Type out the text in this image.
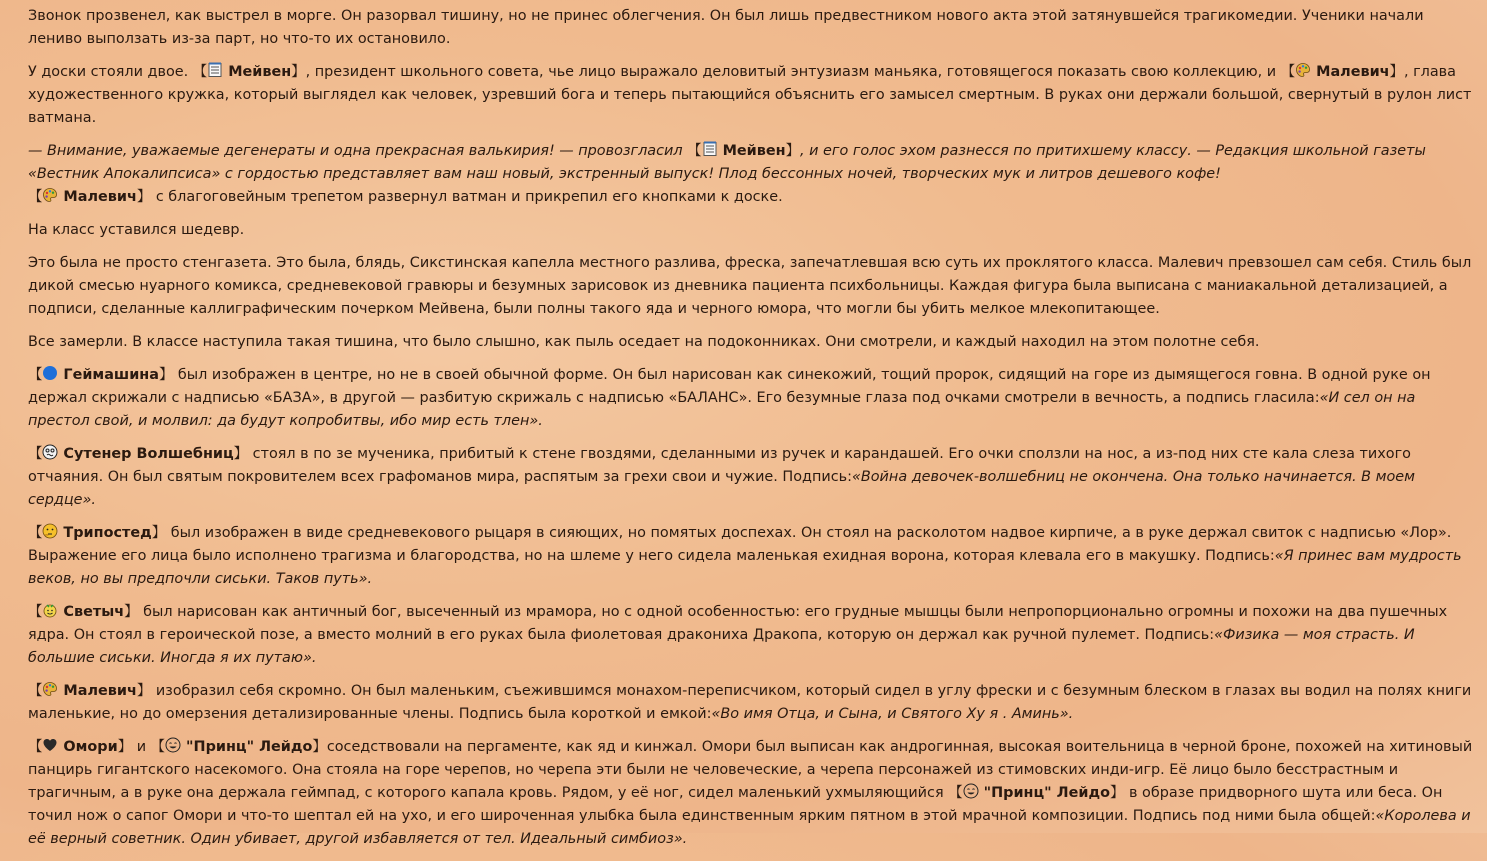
Звонок прозвенел, как выстрел в морге. Он разорвал тишину, но не принес облегчения. Он был лишь предвестником нового акта этой затянувшейся трагикомедии. Ученики начали лениво выползать из-за парт, но что-то их остановило.

У доски стояли двое. 【 Мейвен】, президент школьного совета, чье лицо выражало деловитый энтузиазм маньяка, готовящегося показать свою коллекцию, и 【 Малевич】, глава художественного кружка, который выглядел как человек, узревший бога и теперь пытающийся объяснить его замысел смертным. В руках они держали большой, свернутый в рулон лист ватмана.

— Внимание, уважаемые дегенераты и одна прекрасная валькирия! — провозгласил 【 Мейвен】, и его голос эхом разнесся по притихшему классу. — Редакция школьной газеты «Вестник Апокалипсиса» с гордостью представляет вам наш новый, экстренный выпуск! Плод бессонных ночей, творческих мук и литров дешевого кофе!

【 Малевич】 с благоговейным трепетом развернул ватман и прикрепил его кнопками к доске.

На класс уставился шедевр.

Это была не просто стенгазета. Это была, блядь, Сикстинская капелла местного разлива, фреска, запечатлевшая всю суть их проклятого класса. Малевич превзошел сам себя. Стиль был дикой смесью нуарного комикса, средневековой гравюры и безумных зарисовок из дневника пациента психбольницы. Каждая фигура была выписана с маниакальной детализацией, а подписи, сделанные каллиграфическим почерком Мейвена, были полны такого яда и черного юмора, что могли бы убить мелкое млекопитающее.

Все замерли. В классе наступила такая тишина, что было слышно, как пыль оседает на подоконниках. Они смотрели, и каждый находил на этом полотне себя.

【 Геймашина】 был изображен в центре, но не в своей обычной форме. Он был нарисован как синекожий, тощий пророк, сидящий на горе из дымящегося говна. В одной руке он держал скрижали с надписью «БАЗА», в другой — разбитую скрижаль с надписью «БАЛАНС». Его безумные глаза под очками смотрели в вечность, а подпись гласила:«И сел он на престол свой, и молвил: да будут копробитвы, ибо мир есть тлен».

【 Сутенер Волшебниц】 стоял в по зе мученика, прибитый к стене гвоздями, сделанными из ручек и карандашей. Его очки сползли на нос, а из-под них сте кала слеза тихого отчаяния. Он был святым покровителем всех графоманов мира, распятым за грехи свои и чужие. Подпись:«Война девочек-волшебниц не окончена. Она только начинается. В моем сердце».

【 Трипостед】 был изображен в виде средневекового рыцаря в сияющих, но помятых доспехах. Он стоял на расколотом надвое кирпиче, а в руке держал свиток с надписью «Лор». Выражение его лица было исполнено трагизма и благородства, но на шлеме у него сидела маленькая ехидная ворона, которая клевала его в макушку. Подпись:«Я принес вам мудрость веков, но вы предпочли сиськи. Таков путь».

【 Светыч】 был нарисован как античный бог, высеченный из мрамора, но с одной особенностью: его грудные мышцы были непропорционально огромны и похожи на два пушечных ядра. Он стоял в героической позе, а вместо молний в его руках была фиолетовая дракониха Дракопа, которую он держал как ручной пулемет. Подпись:«Физика — моя страсть. И большие сиськи. Иногда я их путаю».

【 Малевич】 изобразил себя скромно. Он был маленьким, съежившимся монахом-переписчиком, который сидел в углу фрески и с безумным блеском в глазах вы водил на полях книги маленькие, но до омерзения детализированные члены. Подпись была короткой и емкой:«Во имя Отца, и Сына, и Святого Ху я . Аминь».

【 Омори】 и 【 "Принц" Лейдо】соседствовали на пергаменте, как яд и кинжал. Омори был выписан как андрогинная, высокая воительница в черной броне, похожей на хитиновый панцирь гигантского насекомого. Она стояла на горе черепов, но черепа эти были не человеческие, а черепа персонажей из стимовских инди-игр. Её лицо было бесстрастным и трагичным, а в руке она держала геймпад, с которого капала кровь. Рядом, у её ног, сидел маленький ухмыляющийся 【 "Принц" Лейдо】 в образе придворного шута или беса. Он точил нож о сапог Омори и что-то шептал ей на ухо, и его широченная улыбка была единственным ярким пятном в этой мрачной композиции. Подпись под ними была общей:«Королева и её верный советник. Один убивает, другой избавляется от тел. Идеальный симбиоз».
